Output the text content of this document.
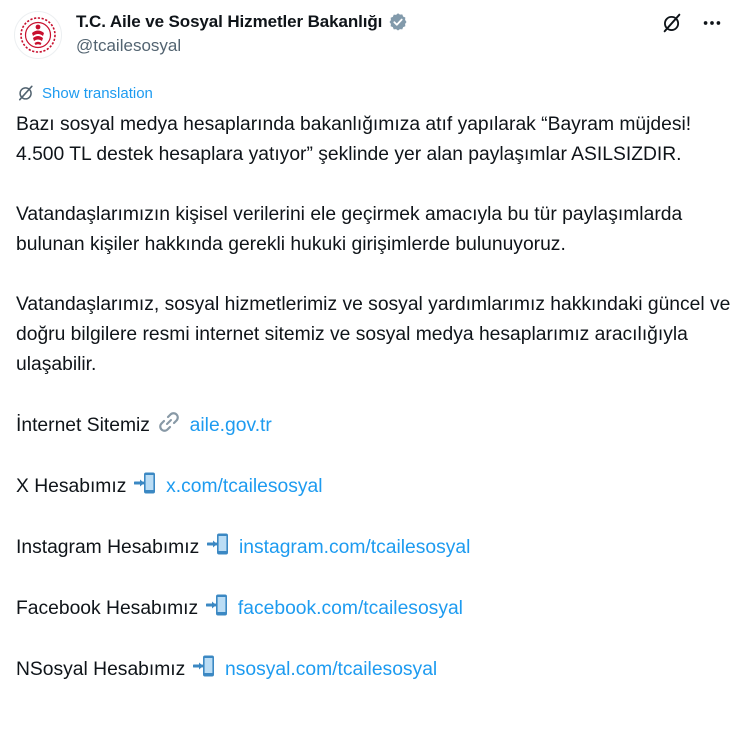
T.C. Aile ve Sosyal Hizmetler Bakanlığı
@tcailesosyal
Show translation

Bazı sosyal medya hesaplarında bakanlığımıza atıf yapılarak “Bayram müjdesi! 4.500 TL destek hesaplara yatıyor” şeklinde yer alan paylaşımlar ASILSIZDIR.

Vatandaşlarımızın kişisel verilerini ele geçirmek amacıyla bu tür paylaşımlarda bulunan kişiler hakkında gerekli hukuki girişimlerde bulunuyoruz.

Vatandaşlarımız, sosyal hizmetlerimiz ve sosyal yardımlarımız hakkındaki güncel ve doğru bilgilere resmi internet sitemiz ve sosyal medya hesaplarımız aracılığıyla ulaşabilir.

İnternet Sitemiz aile.gov.tr

X Hesabımız x.com/tcailesosyal

Instagram Hesabımız instagram.com/tcailesosyal

Facebook Hesabımız facebook.com/tcailesosyal

NSosyal Hesabımız nsosyal.com/tcailesosyal
